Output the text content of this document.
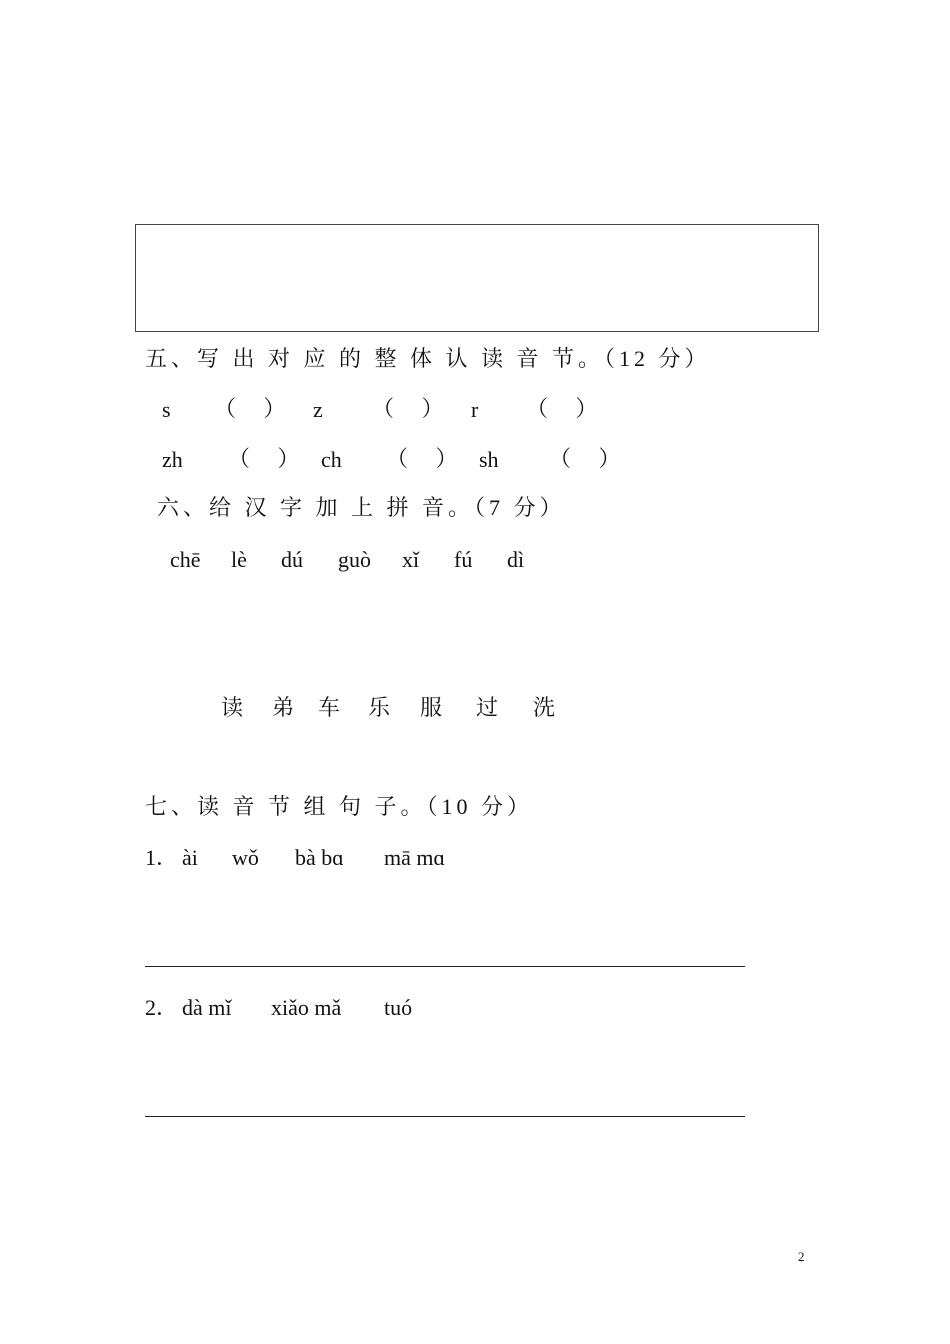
五、写 出 对 应 的 整 体 认 读 音 节。（12 分）
s （　 ） z （　 ） r （　 ）
zh （　 ） ch （　 ） sh （　 ）
六、给 汉 字 加 上 拼 音。（7 分）
chē lè dú guò xǐ fú dì
读 弟 车 乐 服 过 洗
七、读 音 节 组 句 子。（10 分）
1． ài wǒ bà bɑ mā mɑ
2． dà mǐ xiǎo mǎ tuó
2
